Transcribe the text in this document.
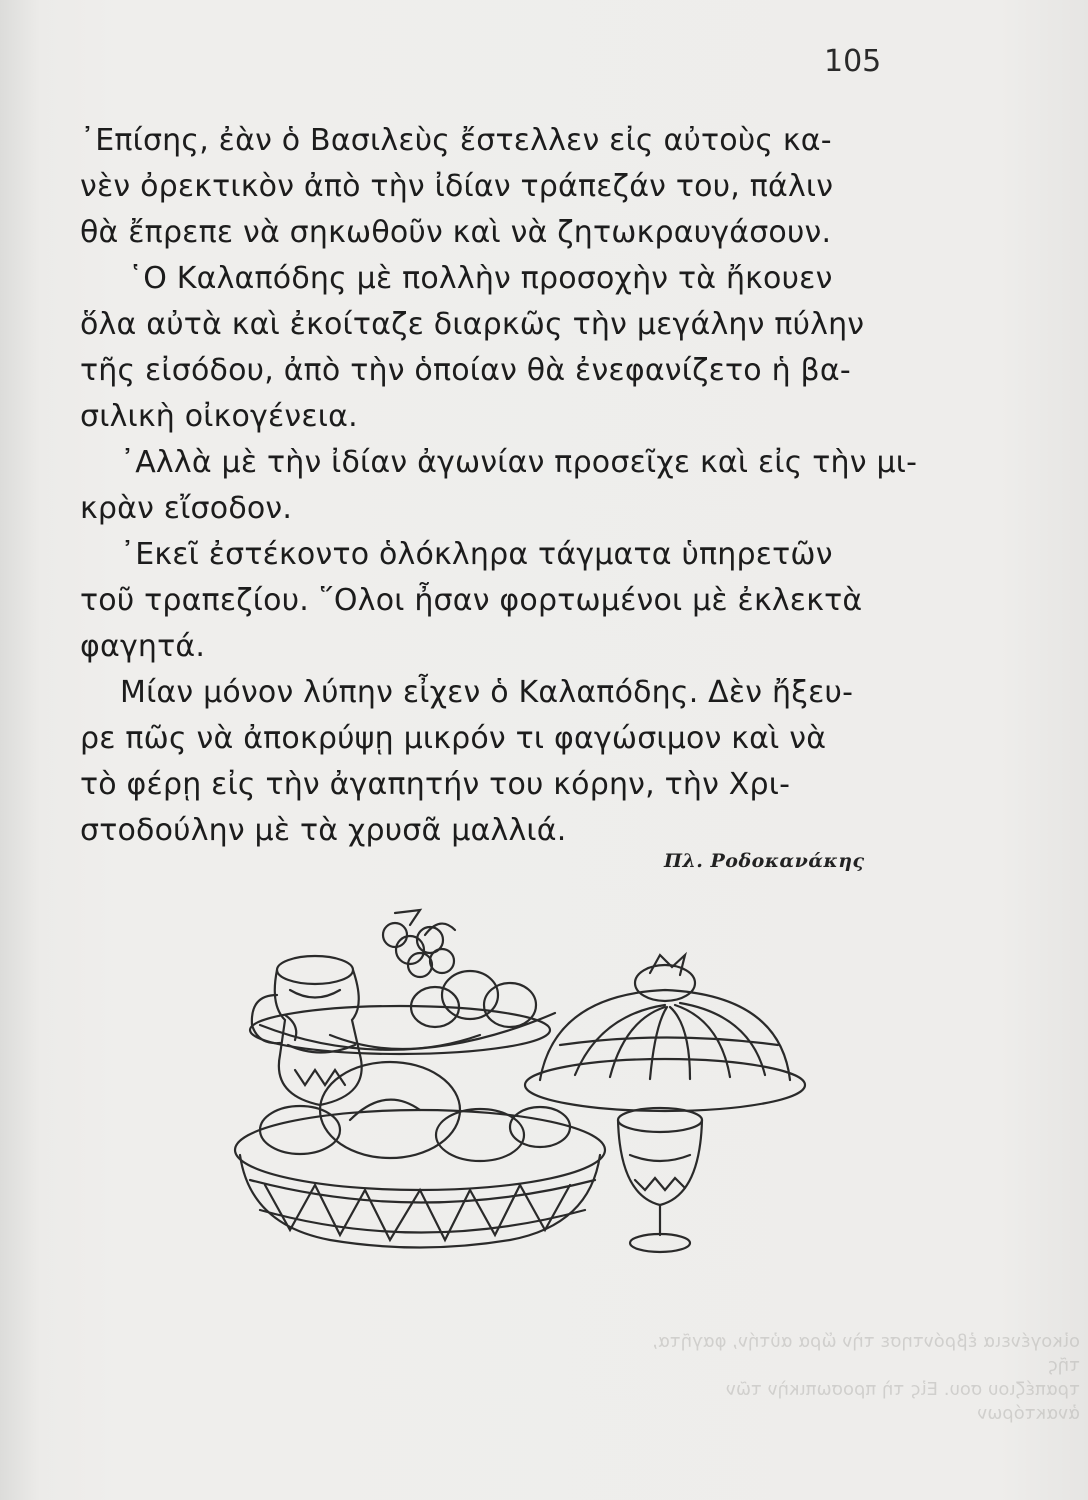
οἰκογένεια ἐβρόντησε τὴν ὥρα αὐτήν, φαγῆτα, τῆς
τραπέζιου σου. Εἰς τὴ προσωπικὴν τῶν ἀνακτόρων
105
᾿Επίσης, ἐὰν ὁ Βασιλεὺς ἔστελλεν εἰς αὐτοὺς κα-
νὲν ὀρεκτικὸν ἀπὸ τὴν ἰδίαν τράπεζάν του, πάλιν
θὰ ἔπρεπε νὰ σηκωθοῦν καὶ νὰ ζητωκραυγάσουν.
῾Ο Καλαπόδης μὲ πολλὴν προσοχὴν τὰ ἤκουεν
ὅλα αὐτὰ καὶ ἐκοίταζε διαρκῶς τὴν μεγάλην πύλην
τῆς εἰσόδου, ἀπὸ τὴν ὁποίαν θὰ ἐνεφανίζετο ἡ βα-
σιλικὴ οἰκογένεια.
᾿Αλλὰ μὲ τὴν ἰδίαν ἀγωνίαν προσεῖχε καὶ εἰς τὴν μι-
κρὰν εἴσοδον.
᾿Εκεῖ ἐστέκοντο ὁλόκληρα τάγματα ὑπηρετῶν
τοῦ τραπεζίου. ῞Ολοι ἦσαν φορτωμένοι μὲ ἐκλεκτὰ
φαγητά.
Μίαν μόνον λύπην εἶχεν ὁ Καλαπόδης. Δὲν ἤξευ-
ρε πῶς νὰ ἀποκρύψῃ μικρόν τι φαγώσιμον καὶ νὰ
τὸ φέρῃ εἰς τὴν ἀγαπητήν του κόρην, τὴν Χρι-
στοδούλην μὲ τὰ χρυσᾶ μαλλιά.
Πλ. Ροδοκανάκης
